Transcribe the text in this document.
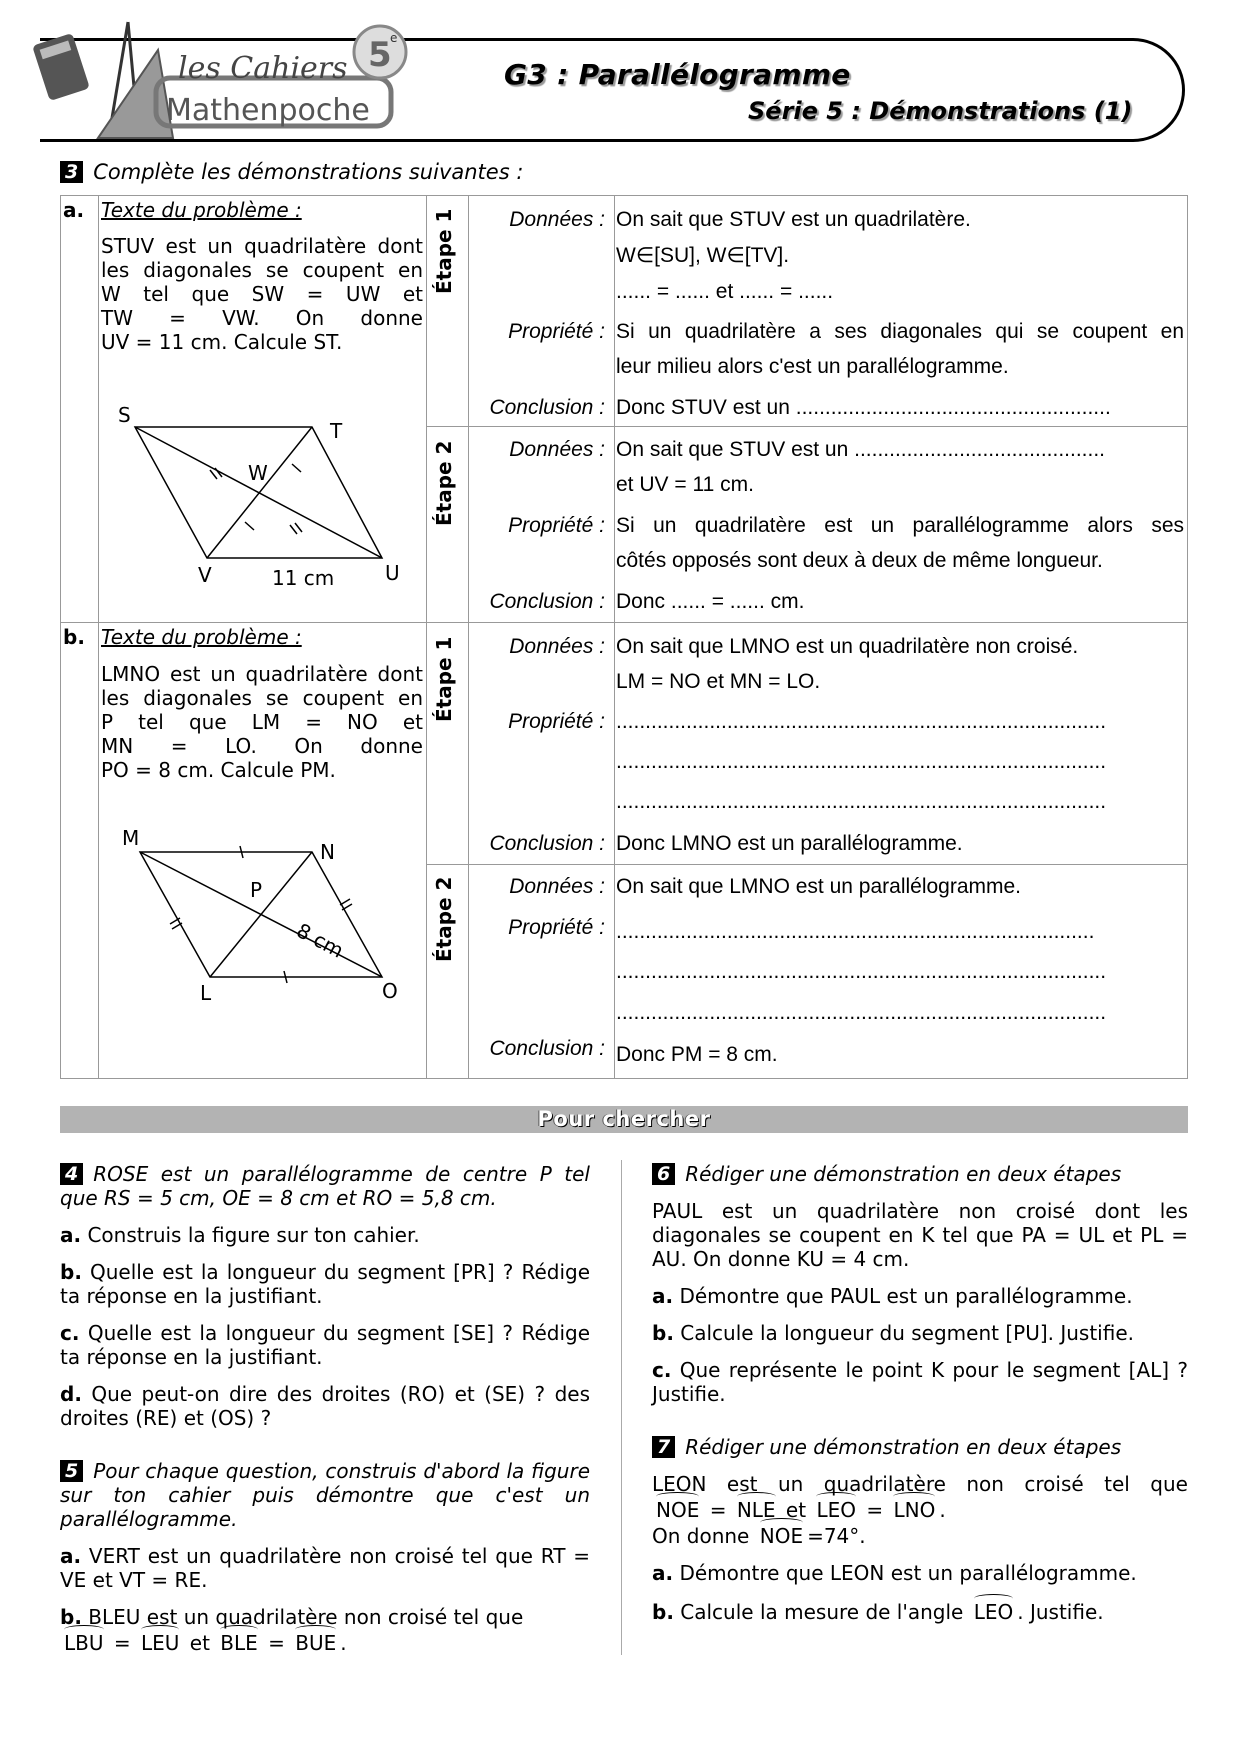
les Cahiers
Mathenpoche
5
e
G3 : Parallélogramme
Série 5 : Démonstrations (1)
3 Complète les démonstrations suivantes :
a. Texte du problème :
STUV est un quadrilatère dont
les diagonales se coupent en
W tel que SW = UW et
TW = VW. On donne
UV = 11 cm. Calcule ST.
S
T
U
V
W
11 cm
Étape 1	Données : On sait que STUV est un quadrilatère.
W∈[SU], W∈[TV].
...... = ...... et ...... = ......
Propriété : Si un quadrilatère a ses diagonales qui se coupent en
leur milieu alors c'est un parallélogramme.
Conclusion : Donc STUV est un ......................................................
Étape 2	Données : On sait que STUV est un ...........................................
et UV = 11 cm.
Propriété : Si un quadrilatère est un parallélogramme alors ses
côtés opposés sont deux à deux de même longueur.
Conclusion : Donc ...... = ...... cm.
b. Texte du problème :
LMNO est un quadrilatère dont
les diagonales se coupent en
P tel que LM = NO et
MN = LO. On donne
PO = 8 cm. Calcule PM.
M
N
O
L
P
8 cm
Étape 1	Données : On sait que LMNO est un quadrilatère non croisé.
LM = NO et MN = LO.
Propriété : ....................................................................................
....................................................................................
....................................................................................
Conclusion : Donc LMNO est un parallélogramme.
Étape 2	Données : On sait que LMNO est un parallélogramme.
Propriété : ..................................................................................
....................................................................................
....................................................................................
Conclusion : Donc PM = 8 cm.
Pour chercher

4 ROSE est un parallélogramme de centre P tel que RS = 5 cm, OE = 8 cm et RO = 5,8 cm.

a. Construis la figure sur ton cahier.

b. Quelle est la longueur du segment [PR] ? Rédige ta réponse en la justifiant.

c. Quelle est la longueur du segment [SE] ? Rédige ta réponse en la justifiant.

d. Que peut-on dire des droites (RO) et (SE) ? des droites (RE) et (OS) ?

5 Pour chaque question, construis d'abord la figure sur ton cahier puis démontre que c'est un parallélogramme.

a. VERT est un quadrilatère non croisé tel que RT = VE et VT = RE.

b. BLEU est un quadrilatère non croisé tel que
LBU = LEU et BLE = BUE .

6 Rédiger une démonstration en deux étapes

PAUL est un quadrilatère non croisé dont les diagonales se coupent en K tel que PA = UL et PL = AU. On donne KU = 4 cm.

a. Démontre que PAUL est un parallélogramme.

b. Calcule la longueur du segment [PU]. Justifie.

c. Que représente le point K pour le segment [AL] ? Justifie.

7 Rédiger une démonstration en deux étapes

LEON est un quadrilatère non croisé tel que
NOE = NLE et LEO = LNO .
On donne NOE =74°.

a. Démontre que LEON est un parallélogramme.

b. Calcule la mesure de l'angle LEO . Justifie.
